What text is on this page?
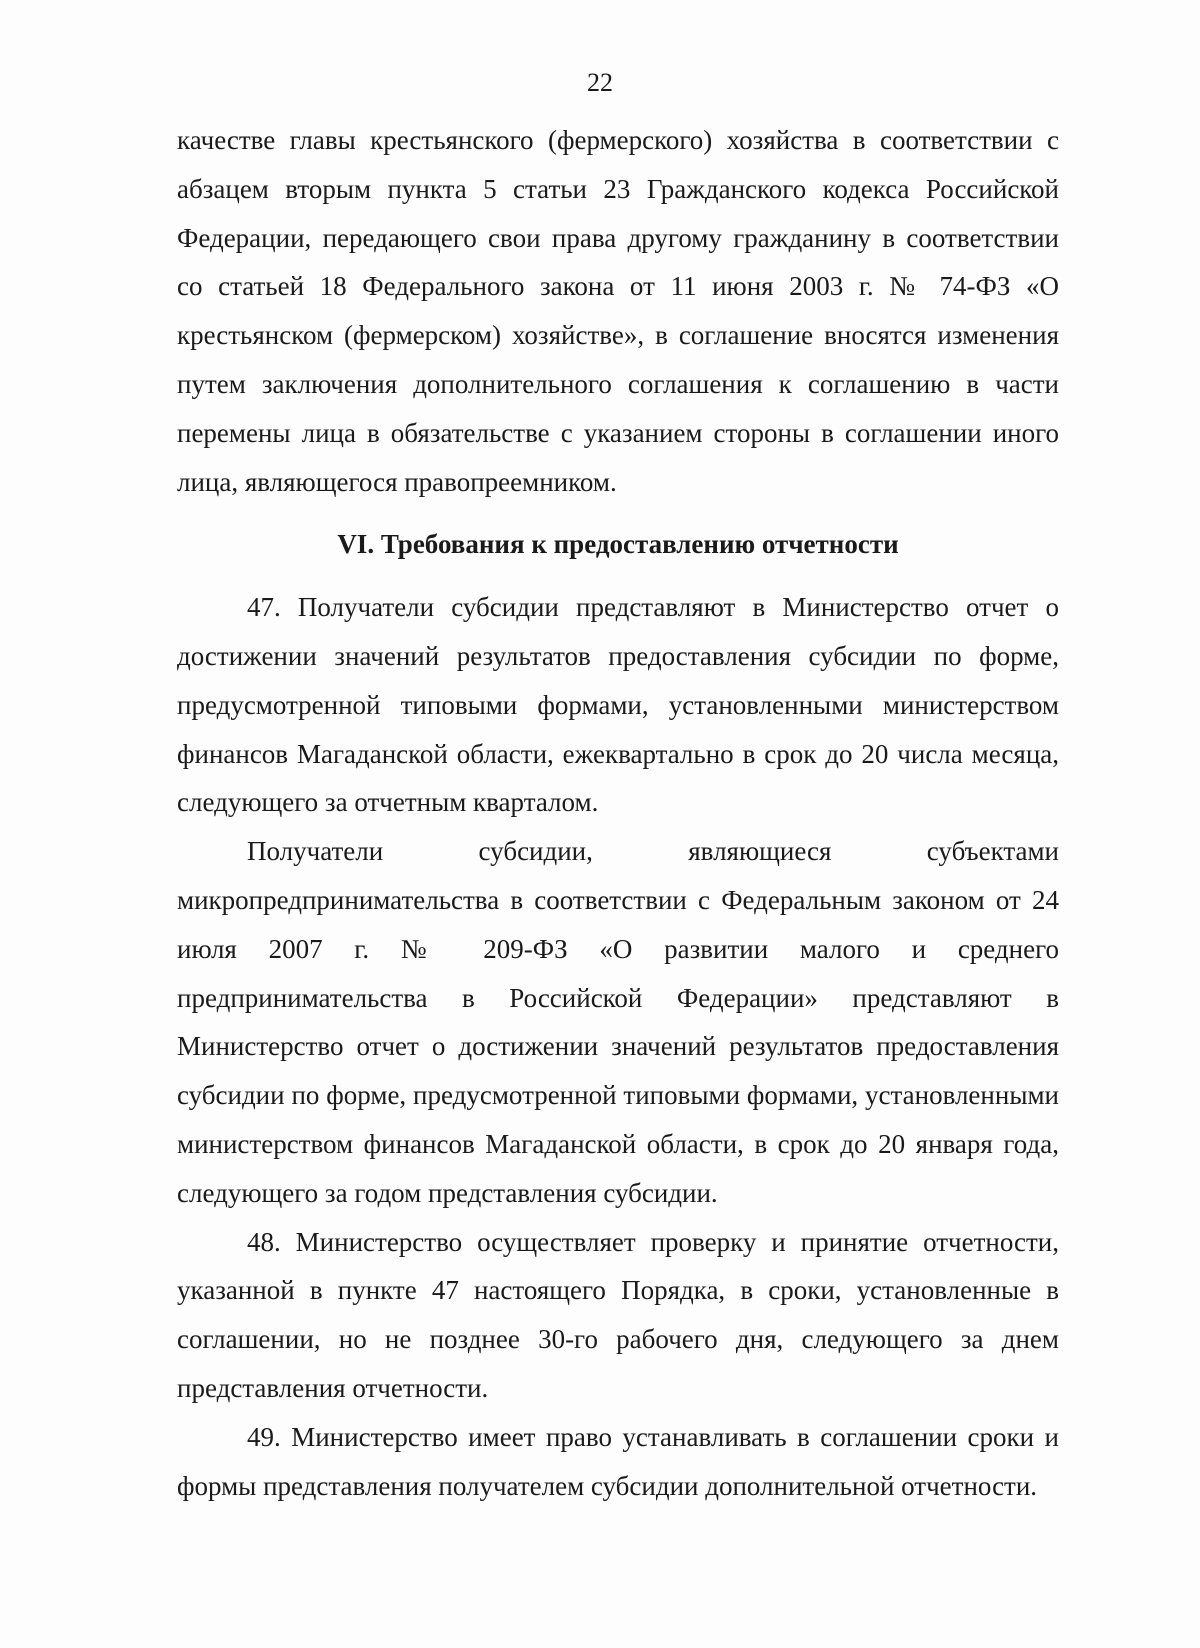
22

качестве главы крестьянского (фермерского) хозяйства в соответствии с абзацем вторым пункта 5 статьи 23 Гражданского кодекса Российской Федерации, передающего свои права другому гражданину в соответствии со статьей 18 Федерального закона от 11 июня 2003 г. № 74-ФЗ «О крестьянском (фермерском) хозяйстве», в соглашение вносятся изменения путем заключения дополнительного соглашения к соглашению в части перемены лица в обязательстве с указанием стороны в соглашении иного лица, являющегося правопреемником.

VI. Требования к предоставлению отчетности

47. Получатели субсидии представляют в Министерство отчет о достижении значений результатов предоставления субсидии по форме, предусмотренной типовыми формами, установленными министерством финансов Магаданской области, ежеквартально в срок до 20 числа месяца, следующего за отчетным кварталом.

Получатели субсидии, являющиеся субъектами микропредпринимательства в соответствии с Федеральным законом от 24 июля 2007 г. № 209-ФЗ «О развитии малого и среднего предпринимательства в Российской Федерации» представляют в Министерство отчет о достижении значений результатов предоставления субсидии по форме, предусмотренной типовыми формами, установленными министерством финансов Магаданской области, в срок до 20 января года, следующего за годом представления субсидии.

48. Министерство осуществляет проверку и принятие отчетности, указанной в пункте 47 настоящего Порядка, в сроки, установленные в соглашении, но не позднее 30-го рабочего дня, следующего за днем представления отчетности.

49. Министерство имеет право устанавливать в соглашении сроки и формы представления получателем субсидии дополнительной отчетности.
